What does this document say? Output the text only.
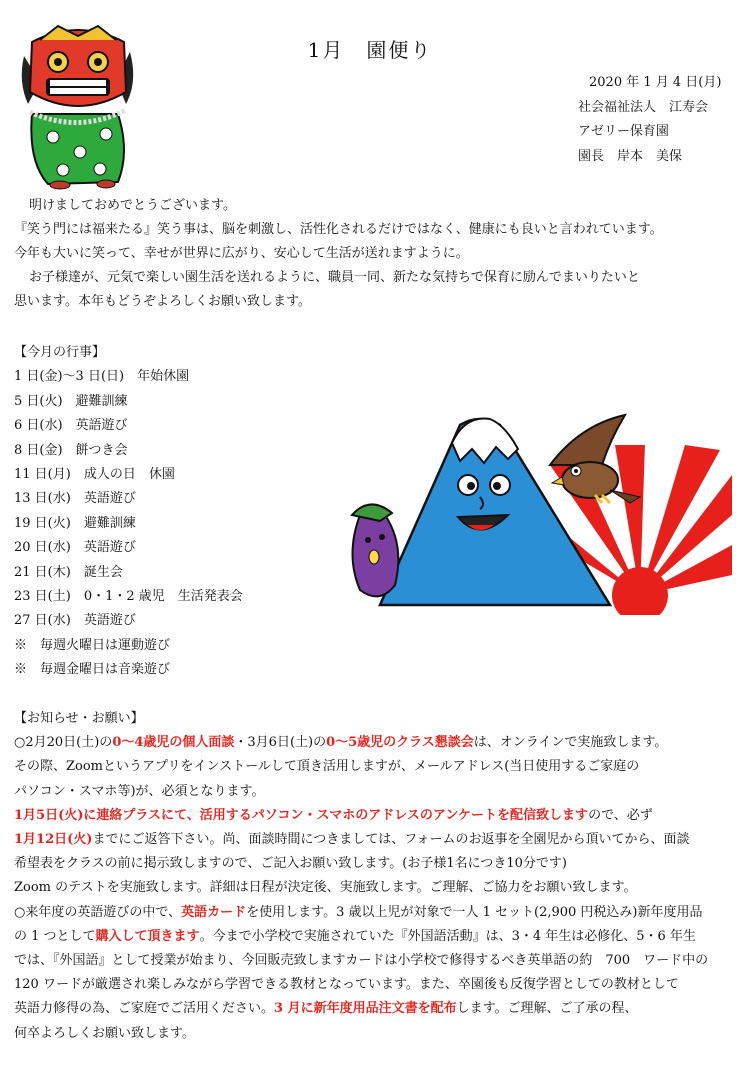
1月　園便り
2020 年 1 月 4 日(月)
社会福祉法人　江寿会
アゼリー保育園
園長　岸本　美保
明けましておめでとうございます。
『笑う門には福来たる』笑う事は、脳を刺激し、活性化されるだけではなく、健康にも良いと言われています。
今年も大いに笑って、幸せが世界に広がり、安心して生活が送れますように。
お子様達が、元気で楽しい園生活を送れるように、職員一同、新たな気持ちで保育に励んでまいりたいと
思います。本年もどうぞよろしくお願い致します。
【今月の行事】
1 日(金)～3 日(日)　年始休園
5 日(火)　避難訓練
6 日(水)　英語遊び
8 日(金)　餅つき会
11 日(月)　成人の日　休園
13 日(水)　英語遊び
19 日(火)　避難訓練
20 日(水)　英語遊び
21 日(木)　誕生会
23 日(土)　0・1・2 歳児　生活発表会
27 日(水)　英語遊び
※　毎週火曜日は運動遊び
※　毎週金曜日は音楽遊び
【お知らせ・お願い】
○2月20日(土)の0～4歳児の個人面談・3月6日(土)の0～5歳児のクラス懇談会は、オンラインで実施致します。
その際、Zoomというアプリをインストールして頂き活用しますが、メールアドレス(当日使用するご家庭の
パソコン・スマホ等)が、必須となります。
1月5日(火)に連絡プラスにて、活用するパソコン・スマホのアドレスのアンケートを配信致しますので、必ず
1月12日(火)までにご返答下さい。尚、面談時間につきましては、フォームのお返事を全園児から頂いてから、面談
希望表をクラスの前に掲示致しますので、ご記入お願い致します。(お子様1名につき10分です)
Zoom のテストを実施致します。詳細は日程が決定後、実施致します。ご理解、ご協力をお願い致します。
○来年度の英語遊びの中で、英語カードを使用します。3 歳以上児が対象で一人 1 セット(2,900 円税込み)新年度用品
の 1 つとして購入して頂きます。今まで小学校で実施されていた『外国語活動』は、3・4 年生は必修化、5・6 年生
では、『外国語』として授業が始まり、今回販売致しますカードは小学校で修得するべき英単語の約　700　ワード中の
120 ワードが厳選され楽しみながら学習できる教材となっています。また、卒園後も反復学習としての教材として
英語力修得の為、ご家庭でご活用ください。3 月に新年度用品注文書を配布します。ご理解、ご了承の程、
何卒よろしくお願い致します。
